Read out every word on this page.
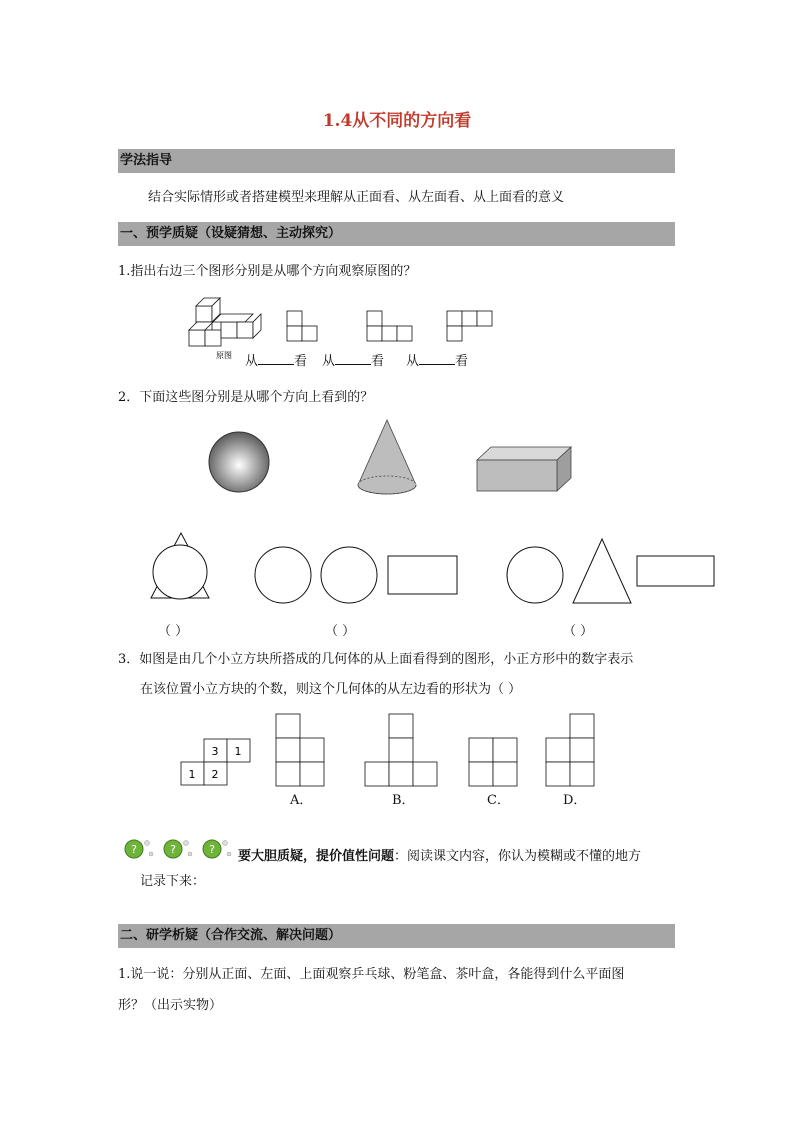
1.4从不同的方向看
学法指导
结合实际情形或者搭建模型来理解从正面看、从左面看、从上面看的意义
一、预学质疑（设疑猜想、主动探究）
1.指出右边三个图形分别是从哪个方向观察原图的？
原图 从	看 从	看 从	看
2．下面这些图分别是从哪个方向上看到的？
（ ）	（ ）	（ ）
3．如图是由几个小立方块所搭成的几何体的从上面看得到的图形，小正方形中的数字表示
在该位置小立方块的个数，则这个几何体的从左边看的形状为（ ）
3 1
1 2
A．	B．	C．	D．
?	?	? 要大胆质疑，提价值性问题：阅读课文内容，你认为模糊或不懂的地方
记录下来：
二、研学析疑（合作交流、解决问题）
1.说一说：分别从正面、左面、上面观察乒乓球、粉笔盒、茶叶盒，各能得到什么平面图
形？（出示实物）
